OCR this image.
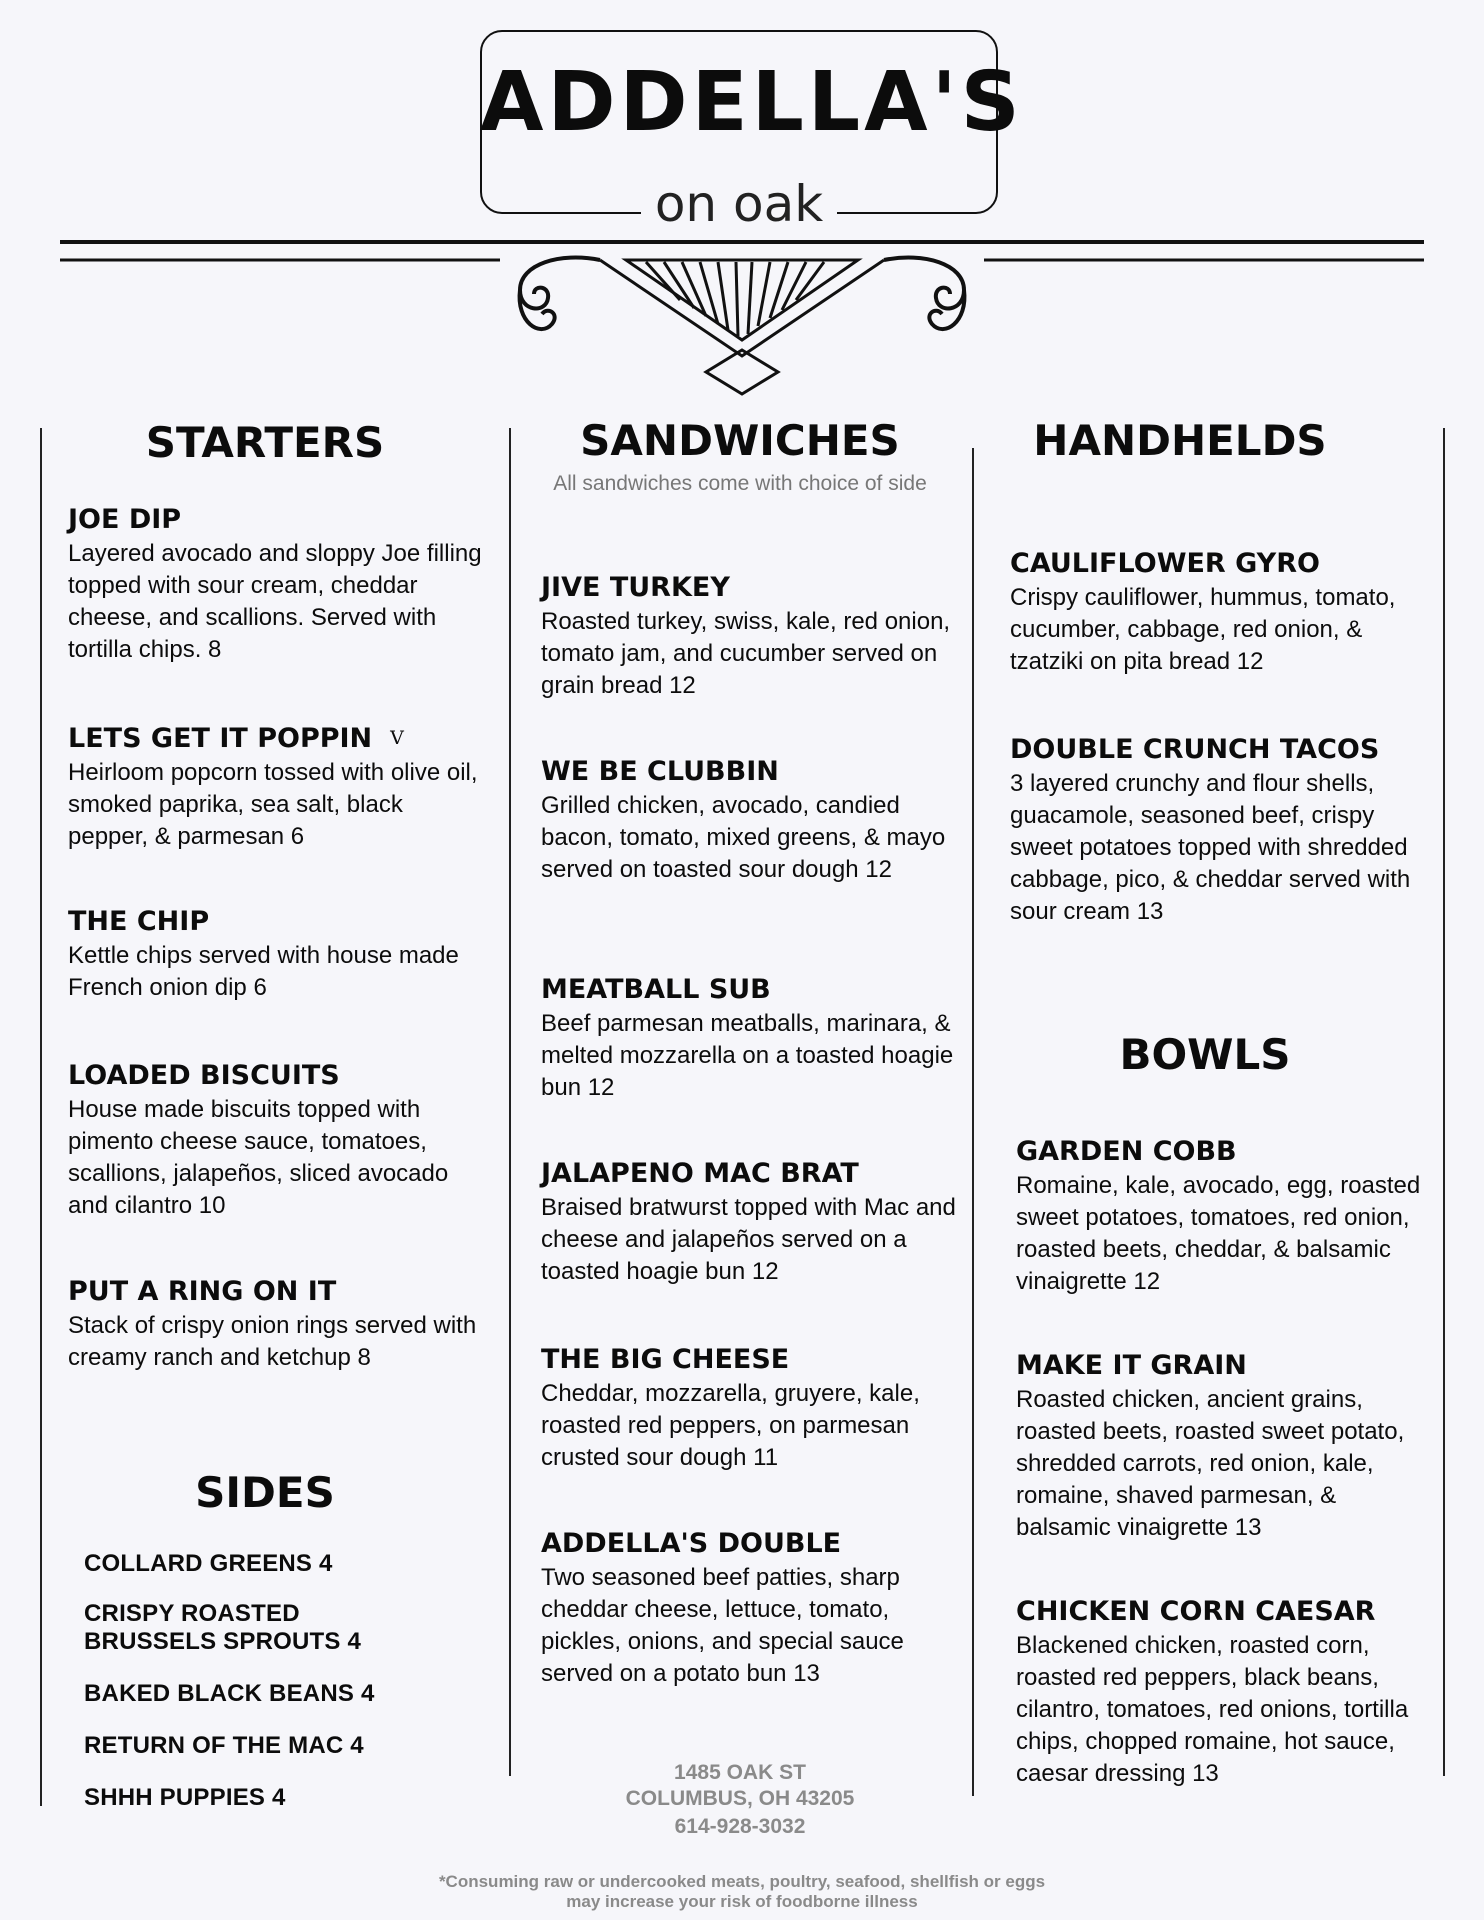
ADDELLA'S
on oak
STARTERS
JOE DIP
Layered avocado and sloppy Joe filling topped with sour cream, cheddar cheese, and scallions. Served with tortilla chips. 8
LETS GET IT POPPIN V
Heirloom popcorn tossed with olive oil, smoked paprika, sea salt, black pepper, & parmesan 6
THE CHIP
Kettle chips served with house made French onion dip 6
LOADED BISCUITS
House made biscuits topped with pimento cheese sauce, tomatoes, scallions, jalapeños, sliced avocado and cilantro 10
PUT A RING ON IT
Stack of crispy onion rings served with creamy ranch and ketchup 8
SIDES
COLLARD GREENS 4
CRISPY ROASTED BRUSSELS SPROUTS 4
BAKED BLACK BEANS 4
RETURN OF THE MAC 4
SHHH PUPPIES 4
SANDWICHES
All sandwiches come with choice of side
JIVE TURKEY
Roasted turkey, swiss, kale, red onion, tomato jam, and cucumber served on grain bread 12
WE BE CLUBBIN
Grilled chicken, avocado, candied bacon, tomato, mixed greens, & mayo served on toasted sour dough 12
MEATBALL SUB
Beef parmesan meatballs, marinara, & melted mozzarella on a toasted hoagie bun 12
JALAPENO MAC BRAT
Braised bratwurst topped with Mac and cheese and jalapeños served on a toasted hoagie bun 12
THE BIG CHEESE
Cheddar, mozzarella, gruyere, kale, roasted red peppers, on parmesan crusted sour dough 11
ADDELLA'S DOUBLE
Two seasoned beef patties, sharp cheddar cheese, lettuce, tomato, pickles, onions, and special sauce served on a potato bun 13
HANDHELDS
CAULIFLOWER GYRO
Crispy cauliflower, hummus, tomato, cucumber, cabbage, red onion, & tzatziki on pita bread 12
DOUBLE CRUNCH TACOS
3 layered crunchy and flour shells, guacamole, seasoned beef, crispy sweet potatoes topped with shredded cabbage, pico, & cheddar served with sour cream 13
BOWLS
GARDEN COBB
Romaine, kale, avocado, egg, roasted sweet potatoes, tomatoes, red onion, roasted beets, cheddar, & balsamic vinaigrette 12
MAKE IT GRAIN
Roasted chicken, ancient grains, roasted beets, roasted sweet potato, shredded carrots, red onion, kale, romaine, shaved parmesan, & balsamic vinaigrette 13
CHICKEN CORN CAESAR
Blackened chicken, roasted corn, roasted red peppers, black beans, cilantro, tomatoes, red onions, tortilla chips, chopped romaine, hot sauce, caesar dressing 13
1485 OAK ST
COLUMBUS, OH 43205
614-928-3032
*Consuming raw or undercooked meats, poultry, seafood, shellfish or eggs
may increase your risk of foodborne illness
